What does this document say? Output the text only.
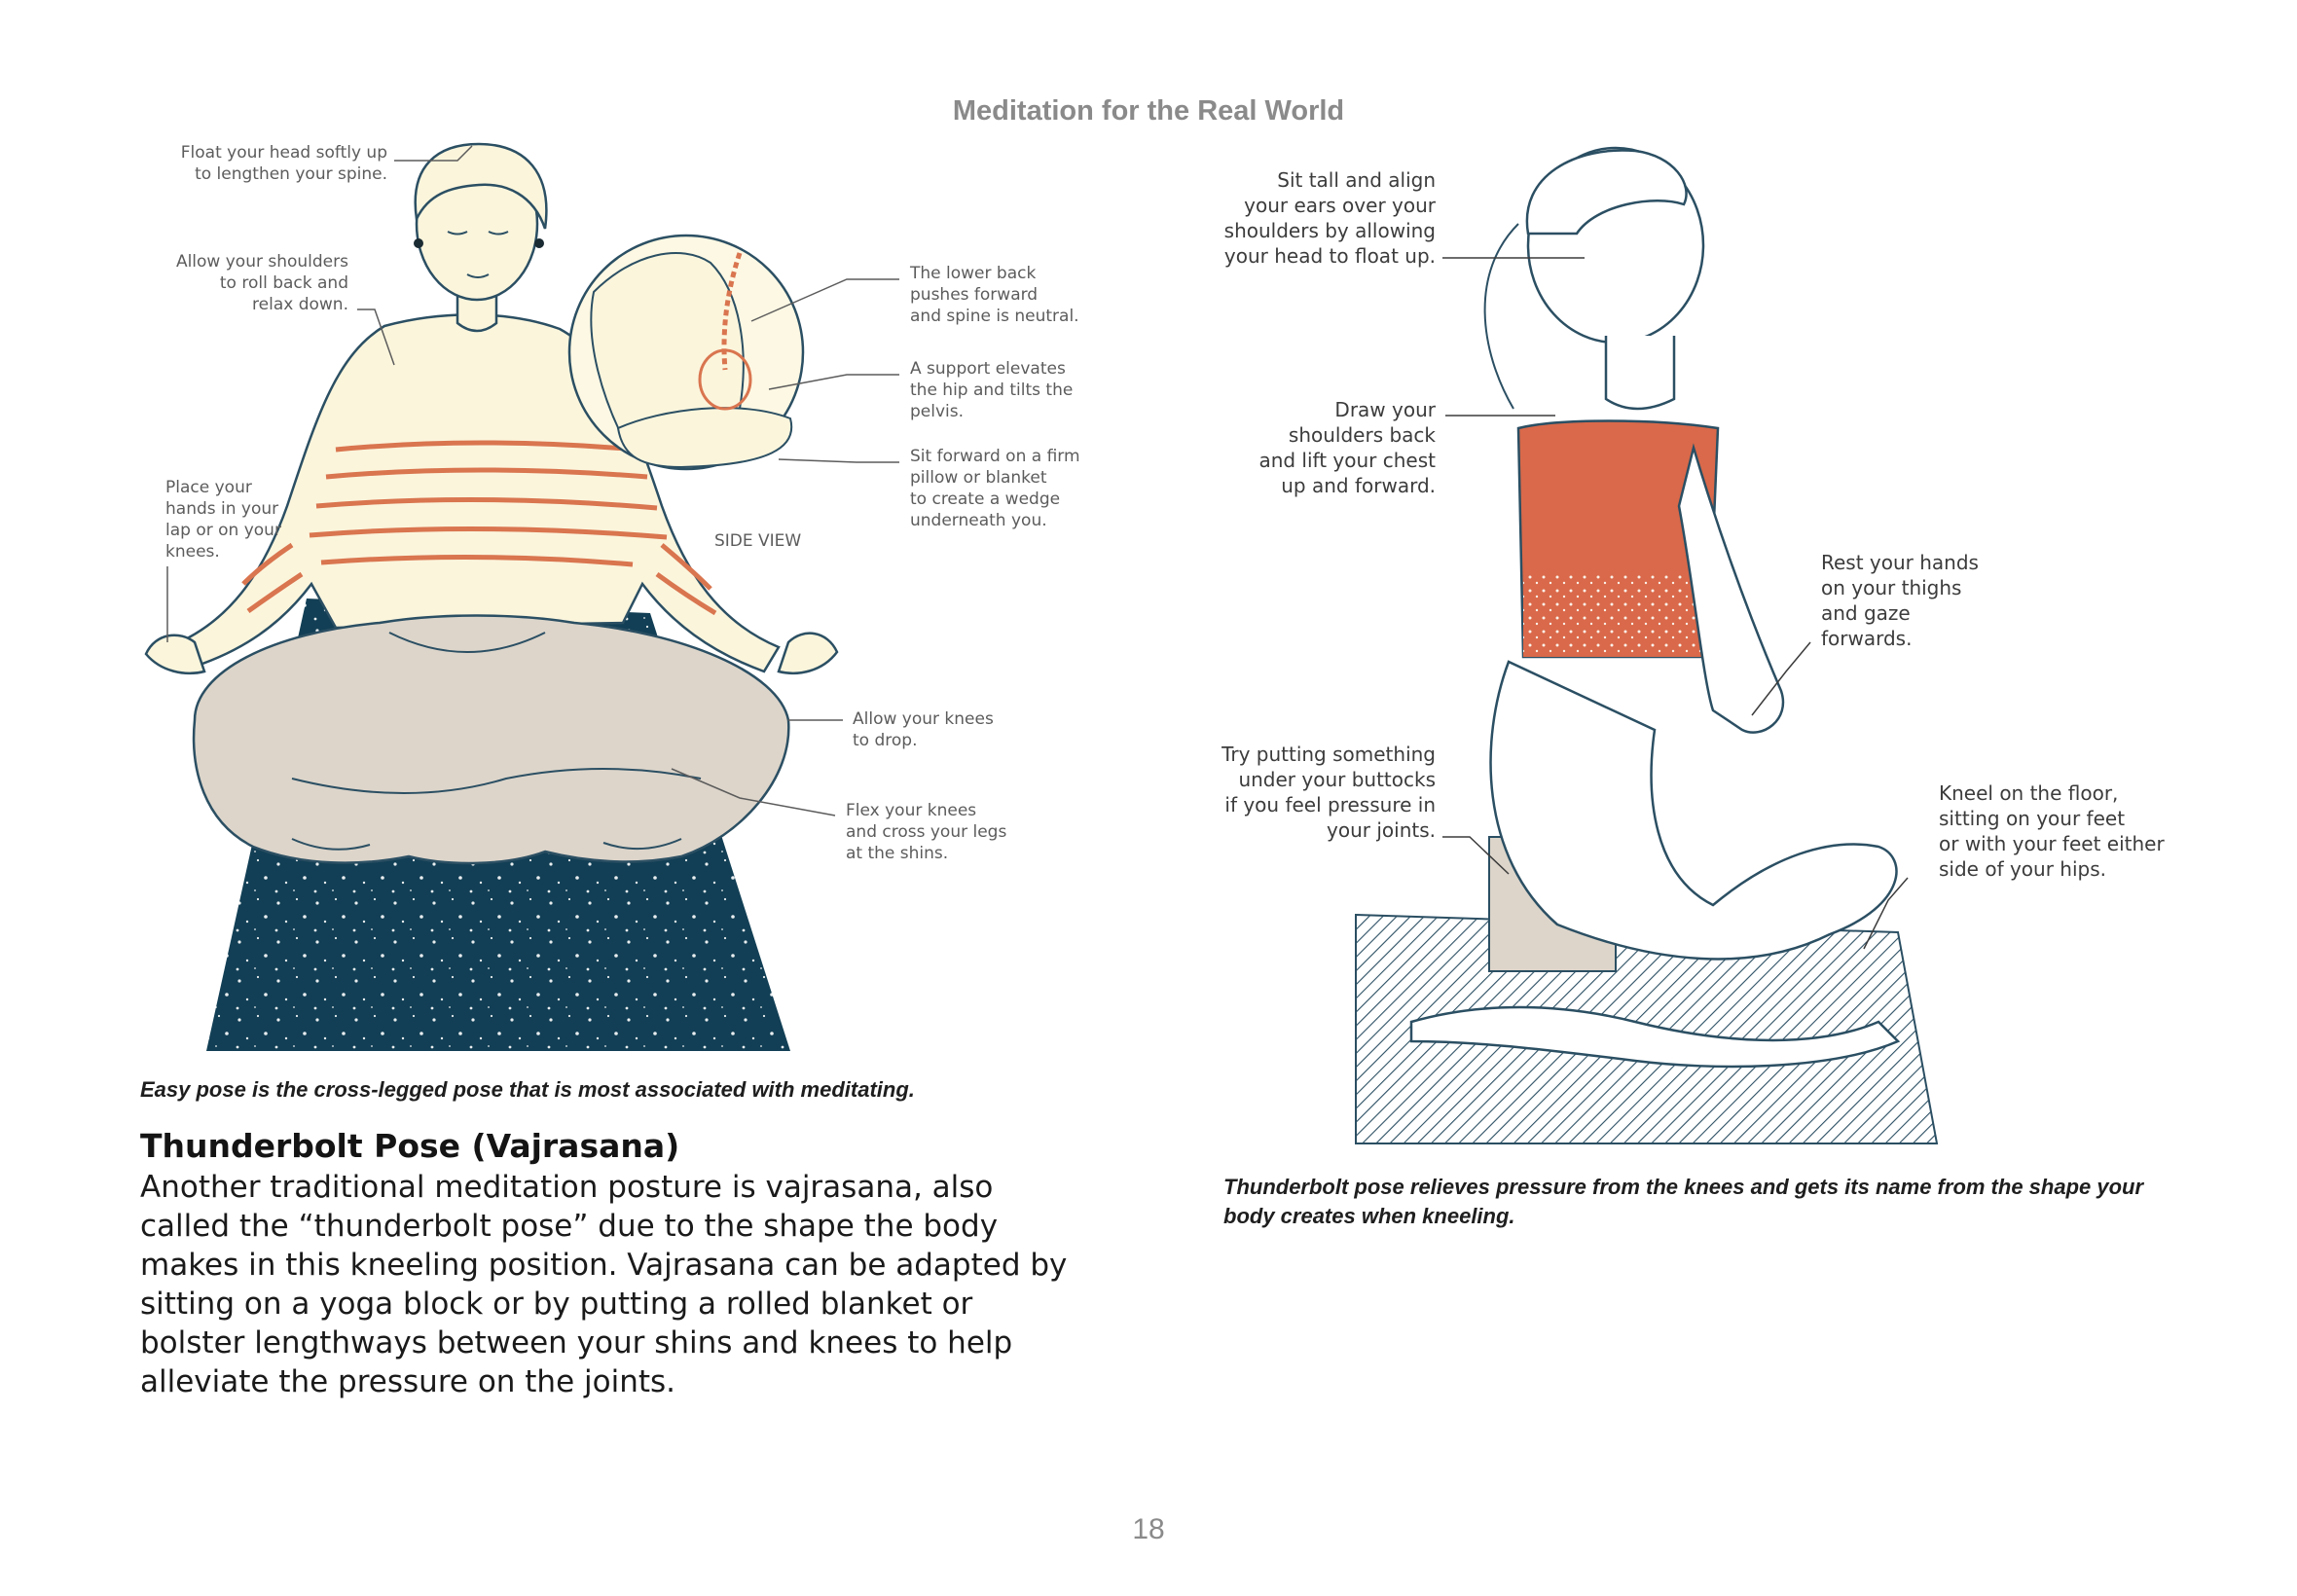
Meditation for the Real World
Float your head softly up
to lengthen your spine.
Allow your shoulders
to roll back and
relax down.
Place your
hands in your
lap or on your
knees.
The lower back
pushes forward
and spine is neutral.
A support elevates
the hip and tilts the
pelvis.
Sit forward on a firm
pillow or blanket
to create a wedge
underneath you.
SIDE VIEW
Allow your knees
to drop.
Flex your knees
and cross your legs
at the shins.
Easy pose is the cross-legged pose that is most associated with meditating.
Thunderbolt Pose (Vajrasana)
Another traditional meditation posture is vajrasana, also called the “thunderbolt pose” due to the shape the body makes in this kneeling position. Vajrasana can be adapted by sitting on a yoga block or by putting a rolled blanket or bolster lengthways between your shins and knees to help alleviate the pressure on the joints.
Sit tall and align
your ears over your
shoulders by allowing
your head to float up.
Draw your
shoulders back
and lift your chest
up and forward.
Rest your hands
on your thighs
and gaze
forwards.
Try putting something
under your buttocks
if you feel pressure in
your joints.
Kneel on the floor,
sitting on your feet
or with your feet either
side of your hips.
Thunderbolt pose relieves pressure from the knees and gets its name from the shape your body creates when kneeling.
18
